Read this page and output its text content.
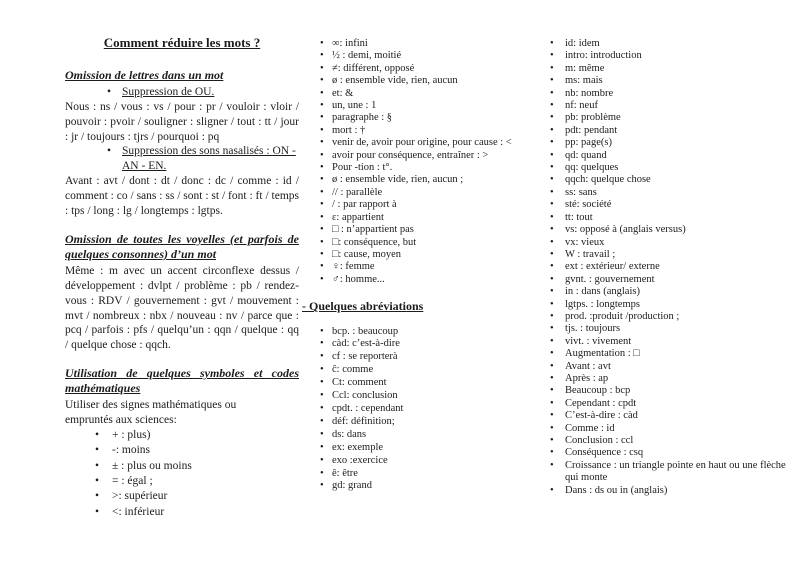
Comment réduire les mots ?
Omission de lettres dans un mot
• Suppression de OU.

Nous : ns / vous : vs / pour : pr / vouloir : vloir / pouvoir : pvoir / souligner : sligner / tout : tt / jour : jr / toujours : tjrs / pourquoi : pq

• Suppression des sons nasalisés : ON - AN - EN.

Avant : avt / dont : dt / donc : dc / comme : id / comment : co / sans : ss / sont : st / font : ft / temps : tps / long : lg / longtemps : lgtps.

Omission de toutes les voyelles (et parfois de quelques consonnes) d’un mot

Même : m avec un accent circonflexe dessus / développement : dvlpt / problème : pb / rendez-vous : RDV / gouvernement : gvt / mouvement : mvt / nombreux : nbx / nouveau : nv / parce que : pcq / parfois : pfs / quelqu’un : qqn / quelque : qq / quelque chose : qqch.

Utilisation de quelques symboles et codes mathématiques

Utiliser des signes mathématiques ou empruntés aux sciences:

• + : plus)
• -: moins
• ± : plus ou moins
• = : égal ;
• >: supérieur
• <: inférieur
• ∞: infini
• ½ : demi, moitié
• ≠: différent, opposé
• ø : ensemble vide, rien, aucun
• et: &
• un, une : 1
• paragraphe : §
• mort : †
• venir de, avoir pour origine, pour cause : <
• avoir pour conséquence, entraîner : >
• Pour -tion : t°.
• ø : ensemble vide, rien, aucun ;
• // : parallèle
• / : par rapport à
• ε: appartient
• □ : n’appartient pas
• □: conséquence, but
• □: cause, moyen
• ♀: femme
• ♂: homme...
- Quelques abréviations
• bcp. : beaucoup
• càd: c’est-à-dire
• cf : se reporterà
• ĉ: comme
• Ct: comment
• Ccl: conclusion
• cpdt. : cependant
• déf: définition;
• ds: dans
• ex: exemple
• exo :exercice
• ê: être
• gd: grand
• id: idem
• intro: introduction
• m: même
• ms: mais
• nb: nombre
• nf: neuf
• pb: problème
• pdt: pendant
• pp: page(s)
• qd: quand
• qq: quelques
• qqch: quelque chose
• ss: sans
• sté: société
• tt: tout
• vs: opposé à (anglais versus)
• vx: vieux
• W : travail ;
• ext : extérieur/ externe
• gvnt. : gouvernement
• in : dans (anglais)
• lgtps. : longtemps
• prod. :produit /production ;
• tjs. : toujours
• vivt. : vivement
• Augmentation : □
• Avant : avt
• Après : ap
• Beaucoup : bcp
• Cependant : cpdt
• C’est-à-dire : càd
• Comme : id
• Conclusion : ccl
• Conséquence : csq
• Croissance : un triangle pointe en haut ou une flèche qui monte
• Dans : ds ou in (anglais)
